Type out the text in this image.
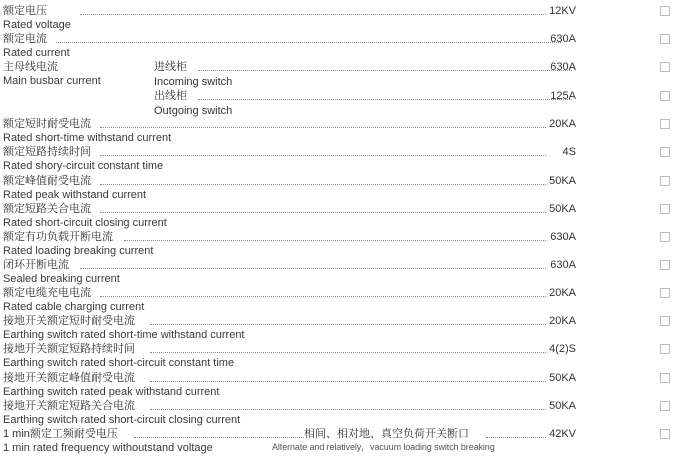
额定电压
Rated voltage
12KV
额定电流
Rated current
630A
主母线电流
Main busbar current
进线柜
Incoming switch
630A
出线柜
Outgoing switch
125A
额定短时耐受电流
Rated short-time withstand current
20KA
额定短路持续时间
Rated shory-circuit constant time
4S
额定峰值耐受电流
Rated peak withstand current
50KA
额定短路关合电流
Rated short-circuit closing current
50KA
额定有功负载开断电流
Rated loading breaking current
630A
闭环开断电流
Sealed breaking current
630A
额定电缆充电电流
Rated cable charging current
20KA
接地开关额定短时耐受电流
Earthing switch rated short-time withstand current
20KA
接地开关额定短路持续时间
Earthing switch rated short-circuit constant time
4(2)S
接地开关额定峰值耐受电流
Earthing switch rated peak withstand current
50KA
接地开关额定短路关合电流
Earthing switch rated short-circuit closing current
50KA
1 min额定工频耐受电压
1 min rated frequency withoutstand voltage
相间、相对地、真空负荷开关断口
Alternate and relatively，vacuum loading switch breaking
42KV
